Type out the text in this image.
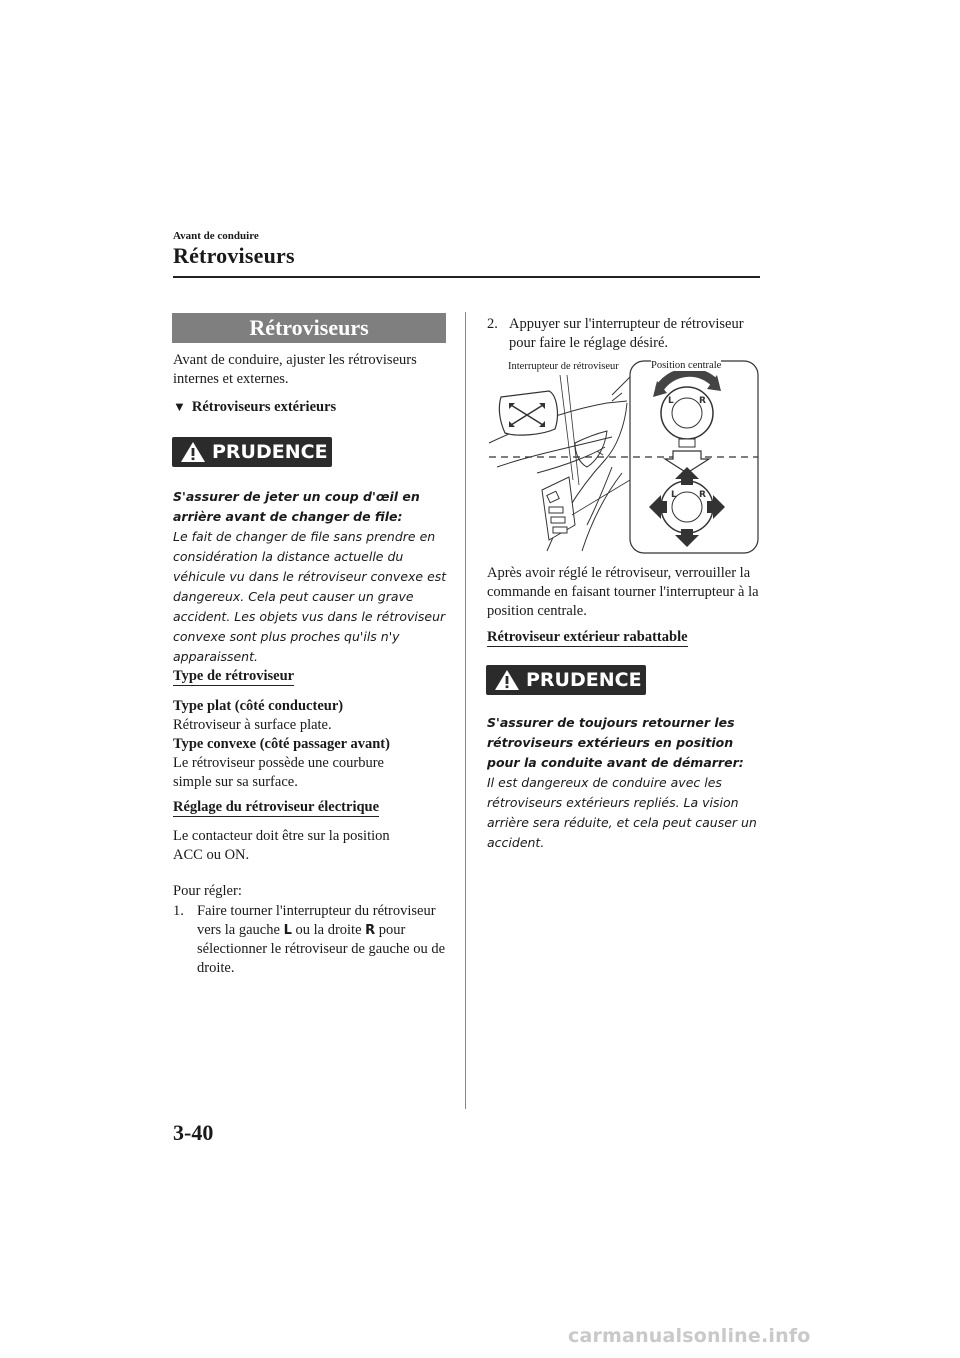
Avant de conduire
Rétroviseurs
Rétroviseurs
Avant de conduire, ajuster les rétroviseurs internes et externes.
▼ Rétroviseurs extérieurs
PRUDENCE
S'assurer de jeter un coup d'œil en arrière avant de changer de file:
Le fait de changer de file sans prendre en considération la distance actuelle du véhicule vu dans le rétroviseur convexe est dangereux. Cela peut causer un grave accident. Les objets vus dans le rétroviseur convexe sont plus proches qu'ils n'y apparaissent.
Type de rétroviseur
Type plat (côté conducteur)
Rétroviseur à surface plate.
Type convexe (côté passager avant)
Le rétroviseur possède une courbure simple sur sa surface.
Réglage du rétroviseur électrique
Le contacteur doit être sur la position ACC ou ON.
Pour régler:
1. Faire tourner l'interrupteur du rétroviseur vers la gauche L ou la droite R pour sélectionner le rétroviseur de gauche ou de droite.
2. Appuyer sur l'interrupteur de rétroviseur pour faire le réglage désiré.
L	R
L R
Interrupteur de rétroviseur	Position centrale
Après avoir réglé le rétroviseur, verrouiller la commande en faisant tourner l'interrupteur à la position centrale.
Rétroviseur extérieur rabattable
PRUDENCE
S'assurer de toujours retourner les rétroviseurs extérieurs en position pour la conduite avant de démarrer:
Il est dangereux de conduire avec les rétroviseurs extérieurs repliés. La vision arrière sera réduite, et cela peut causer un accident.
3-40
carmanualsonline.info
